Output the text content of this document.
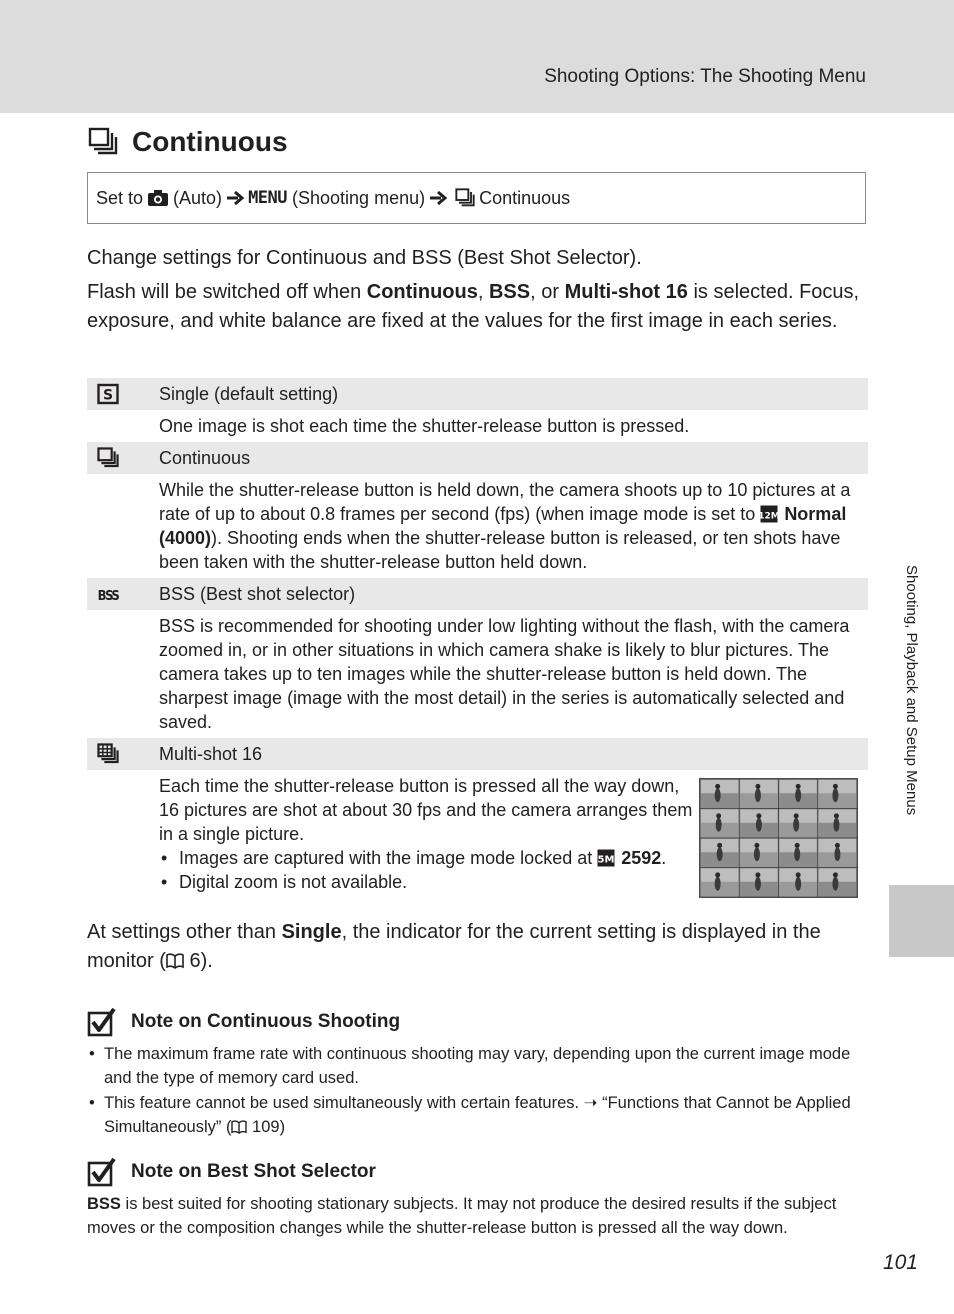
Shooting Options: The Shooting Menu
Continuous
Set to (Auto) MENU (Shooting menu)	Continuous

Change settings for Continuous and BSS (Best Shot Selector).

Flash will be switched off when Continuous, BSS, or Multi-shot 16 is selected. Focus, exposure, and white balance are fixed at the values for the first image in each series.

S	Single (default setting)

One image is shot each time the shutter-release button is pressed.

Continuous

While the shutter-release button is held down, the camera shoots up to 10 pictures at a rate of up to about 0.8 frames per second (fps) (when image mode is set to
12M Normal (4000)). Shooting ends when the shutter-release button is released, or ten shots have been taken with the shutter-release button held down.

BSS BSS (Best shot selector)

BSS is recommended for shooting under low lighting without the flash, with the camera zoomed in, or in other situations in which camera shake is likely to blur pictures. The camera takes up to ten images while the shutter-release button is held down. The sharpest image (image with the most detail) in the series is automatically selected and saved.

Multi-shot 16

Each time the shutter-release button is pressed all the way down, 16 pictures are shot at about 30 fps and the camera arranges them in a single picture.

• Images are captured with the image mode locked at 5M 2592.
• Digital zoom is not available.
At settings other than Single, the indicator for the current setting is displayed in the monitor ( 6).
Note on Continuous Shooting
• The maximum frame rate with continuous shooting may vary, depending upon the current image mode and the type of memory card used.
• This feature cannot be used simultaneously with certain features. ➝ “Functions that Cannot be Applied Simultaneously” ( 109)
Note on Best Shot Selector
BSS is best suited for shooting stationary subjects. It may not produce the desired results if the subject moves or the composition changes while the shutter-release button is pressed all the way down.
Shooting, Playback and Setup Menus
101
